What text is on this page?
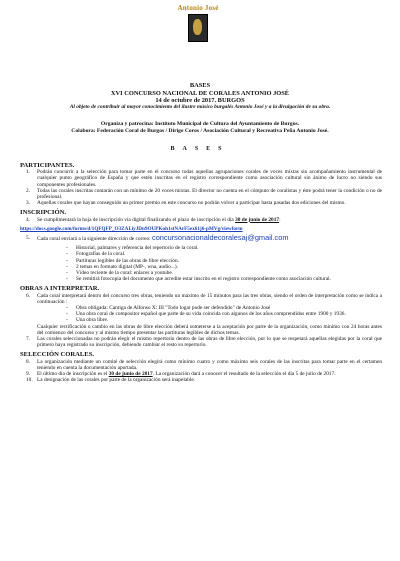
Antonio José

BASES
XVI CONCURSO NACIONAL DE CORALES ANTONIO JOSÉ
14 de octubre de 2017. BURGOS
Al objeto de contribuir al mayor conocimiento del ilustre músico burgalés Antonio José y a la divulgación de su obra.
Organiza y patrocina: Instituto Municipal de Cultura del Ayuntamiento de Burgos.
Colabora: Federación Coral de Burgos / Dirige Coros / Asociación Cultural y Recreativa Peña Antonio José.
BASES
PARTICIPANTES.
1.	Podrán concurrir a la selección para tomar parte en el concurso todas aquellas agrupaciones corales de voces mixtas sin acompañamiento instrumental de cualquier punto geográfico de España y que estén inscritas en el registro correspondiente como asociación cultural sin ánimo de lucro no siendo sus componentes profesionales.
2.	Todas las corales inscritas contarán con un mínimo de 20 voces mixtas. El director no cuenta en el cómputo de coralistas y éste podrá tener la condición o no de profesional.
3.	Aquellas corales que hayan conseguido un primer premio en este concurso no podrán volver a participar hasta pasadas dos ediciones del mismo.
INSCRIPCIÓN.
4.	Se cumplimentará la hoja de inscripción vía digital finalizando el plazo de inscripción el día 30 de junio de 2017:
https://docs.google.com/forms/d/1QFQFP_O3ZAI.iyJDn9OUPKoh1stNArF5ex61j6-pMVg/viewform
5.	Cada coral enviará a la siguiente dirección de correo: concursonacionaldecoralesaj@gmail.com
-	Historial, palmares y referencia del repertorio de la coral.
-	Fotografías de la coral.
-	Partituras legibles de las obras de libre elección.
-	2 temas en formato digital (MP-, wna, audio...).
-	Vídeo reciente de la coral: enlaces a youtube.
-	Se remitirá fotocopia del documento que acredite estar inscrito en el registro correspondiente como asociación cultural.
OBRAS A INTERPRETAR.
6.	Cada coral interpretará dentro del concurso tres obras, teniendo un máximo de 15 minutos para las tres obras, siendo el orden de interpretación como se indica a continuación :
-	Obra obligada: Cantiga de Alfonso X: III "Todo logar pode ser defendido" de Antonio José
-	Una obra coral de compositor español que parte de su vida coincida con algunos de los años comprendidos entre 1900 y 1936.
-	Una obra libre.
Cualquier rectificación o cambio en las obras de libre elección deberá someterse a la aceptación por parte de la organización, como mínimo con 24 horas antes del comienzo del concurso y al mismo tiempo presentar las partituras legibles de dichos temas.
7.	Las corales seleccionadas no podrán elegir el mismo repertorio dentro de las obras de libre elección, por lo que se respetará aquellas elegidas por la coral que primero haya registrado su inscripción, debiendo cambiar el resto su repertorio.
SELECCIÓN CORALES.
8.	La organización mediante un comité de selección elegirá como mínimo cuatro y como máximo seis corales de las inscritas para tomar parte en el certamen teniendo en cuenta la documentación aportada.
9.	El último día de inscripción es el 30 de junio de 2017. La organización dará a conocer el resultado de la selección el día 5 de julio de 2017.
10. La designación de las corales por parte de la organización será inapelable.
